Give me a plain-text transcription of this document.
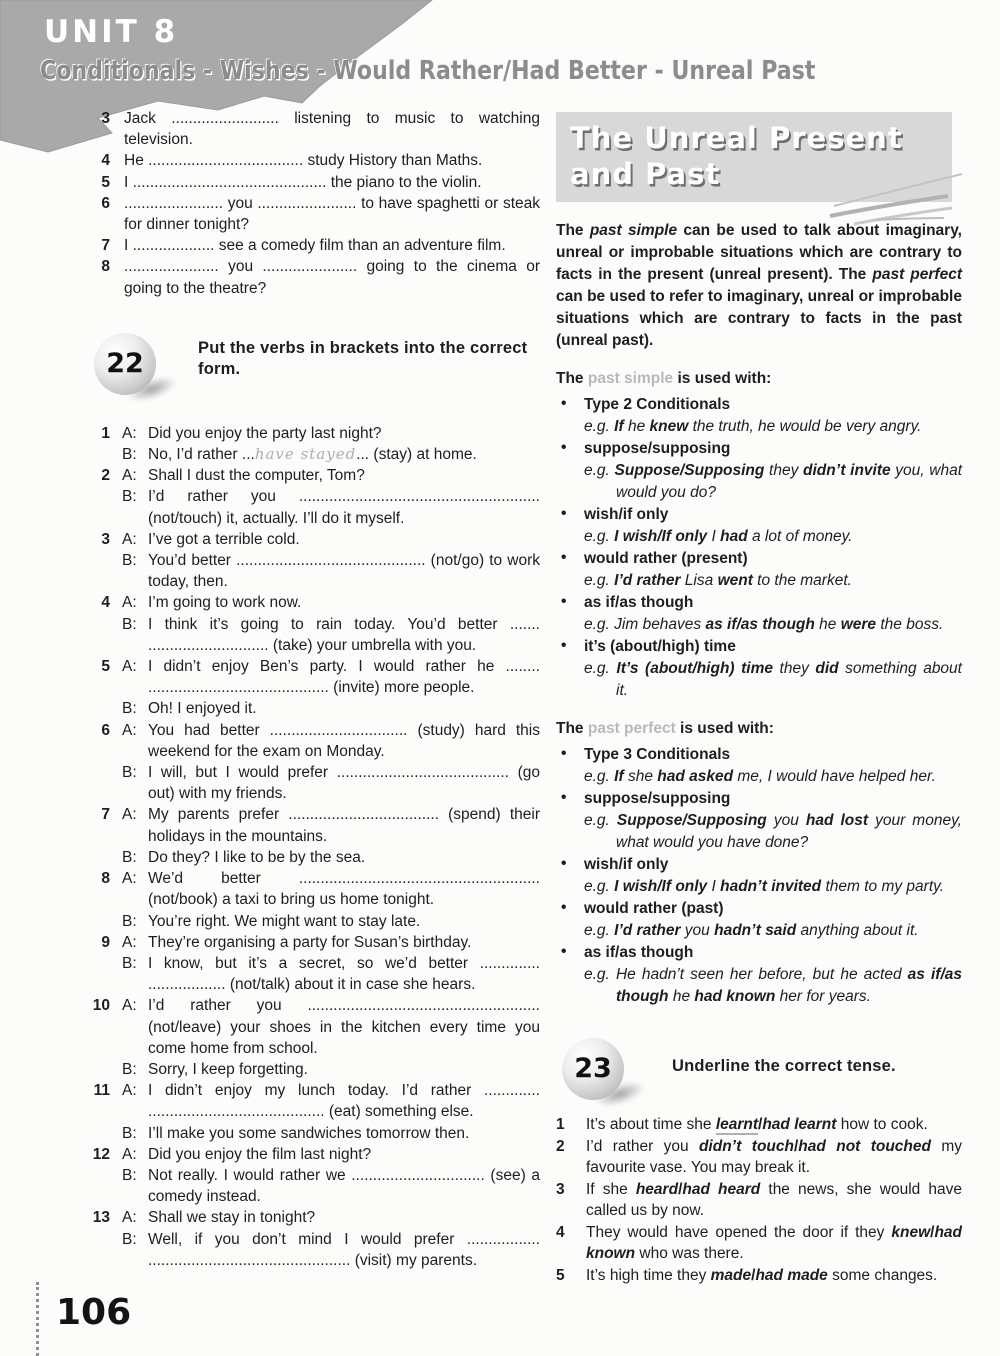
UNIT 8
Conditionals - Wishes - Would Rather/Had Better - Unreal Past
3 Jack ......................... listening to music to watching television.
4 He .................................... study History than Maths.
5 I ............................................. the piano to the violin.
6 ....................... you ....................... to have spaghetti or steak for dinner tonight?
7 I ................... see a comedy film than an adventure film.
8 ...................... you ...................... going to the cinema or going to the theatre?
22
Put the verbs in brackets into the correct form.
1 A: Did you enjoy the party last night?
B: No, I’d rather ...have stayed... (stay) at home.
2 A: Shall I dust the computer, Tom?
B: I’d rather you ........................................................ (not/touch) it, actually. I’ll do it myself.
3 A: I’ve got a terrible cold.
B: You’d better ............................................ (not/go) to work today, then.
4 A: I’m going to work now.
B: I think it’s going to rain today. You’d better ....... ............................ (take) your umbrella with you.
5 A: I didn’t enjoy Ben’s party. I would rather he ........ .......................................... (invite) more people.
B: Oh! I enjoyed it.
6 A: You had better ................................ (study) hard this weekend for the exam on Monday.
B: I will, but I would prefer ........................................ (go out) with my friends.
7 A: My parents prefer ................................... (spend) their holidays in the mountains.
B: Do they? I like to be by the sea.
8 A: We’d better ........................................................ (not/book) a taxi to bring us home tonight.
B: You’re right. We might want to stay late.
9 A: They’re organising a party for Susan’s birthday.
B: I know, but it’s a secret, so we’d better .............. .................. (not/talk) about it in case she hears.
10 A: I’d rather you ...................................................... (not/leave) your shoes in the kitchen every time you come home from school.
B: Sorry, I keep forgetting.
11 A: I didn’t enjoy my lunch today. I’d rather ............. ......................................... (eat) something else.
B: I’ll make you some sandwiches tomorrow then.
12 A: Did you enjoy the film last night?
B: Not really. I would rather we ............................... (see) a comedy instead.
13 A: Shall we stay in tonight?
B: Well, if you don’t mind I would prefer ................. ............................................... (visit) my parents.
The Unreal Present
and Past
The past simple can be used to talk about imaginary, unreal or improbable situations which are contrary to facts in the present (unreal present). The past perfect can be used to refer to imaginary, unreal or improbable situations which are contrary to facts in the past (unreal past).
The past simple is used with:
• Type 2 Conditionals
e.g. If he knew the truth, he would be very angry.
• suppose/supposing
e.g. Suppose/Supposing they didn’t invite you, what would you do?
• wish/if only
e.g. I wish/If only I had a lot of money.
• would rather (present)
e.g. I’d rather Lisa went to the market.
• as if/as though
e.g. Jim behaves as if/as though he were the boss.
• it’s (about/high) time
e.g. It’s (about/high) time they did something about it.
The past perfect is used with:
• Type 3 Conditionals
e.g. If she had asked me, I would have helped her.
• suppose/supposing
e.g. Suppose/Supposing you had lost your money, what would you have done?
• wish/if only
e.g. I wish/If only I hadn’t invited them to my party.
• would rather (past)
e.g. I’d rather you hadn’t said anything about it.
• as if/as though
e.g. He hadn’t seen her before, but he acted as if/as though he had known her for years.
23	Underline the correct tense.
1	It’s about time she learnt/had learnt how to cook.
2	I’d rather you didn’t touch/had not touched my favourite vase. You may break it.
3	If she heard/had heard the news, she would have called us by now.
4	They would have opened the door if they knew/had known who was there.
5	It’s high time they made/had made some changes.
106
